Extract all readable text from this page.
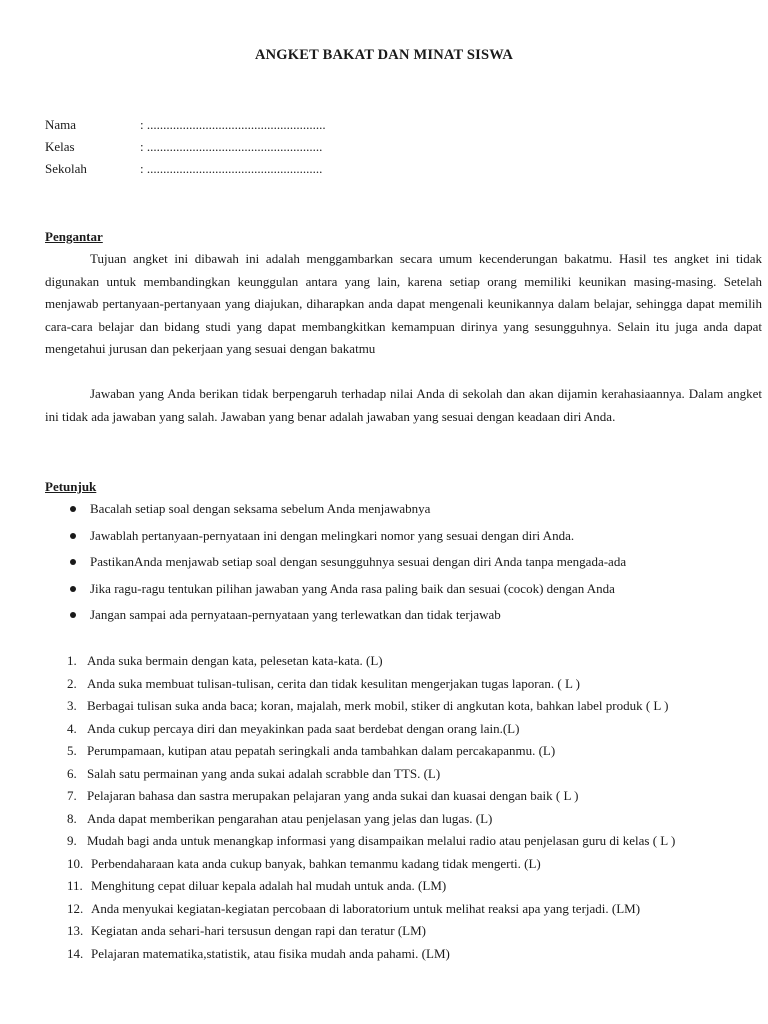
ANGKET BAKAT DAN MINAT SISWA
Nama	: .......................................................
Kelas	: ......................................................
Sekolah	: ......................................................
Pengantar

Tujuan angket ini dibawah ini adalah menggambarkan secara umum kecenderungan bakatmu. Hasil tes angket ini tidak digunakan untuk membandingkan keunggulan antara yang lain, karena setiap orang memiliki keunikan masing-masing. Setelah menjawab pertanyaan-pertanyaan yang diajukan, diharapkan anda dapat mengenali keunikannya dalam belajar, sehingga dapat memilih cara-cara belajar dan bidang studi yang dapat membangkitkan kemampuan dirinya yang sesungguhnya. Selain itu juga anda dapat mengetahui jurusan dan pekerjaan yang sesuai dengan bakatmu

Jawaban yang Anda berikan tidak berpengaruh terhadap nilai Anda di sekolah dan akan dijamin kerahasiaannya. Dalam angket ini tidak ada jawaban yang salah. Jawaban yang benar adalah jawaban yang sesuai dengan keadaan diri Anda.

Petunjuk
Bacalah setiap soal dengan seksama sebelum Anda menjawabnya
Jawablah pertanyaan-pernyataan ini dengan melingkari nomor yang sesuai dengan diri Anda.
PastikanAnda menjawab setiap soal dengan sesungguhnya sesuai dengan diri Anda tanpa mengada-ada
Jika ragu-ragu tentukan pilihan jawaban yang Anda rasa paling baik dan sesuai (cocok) dengan Anda
Jangan sampai ada pernyataan-pernyataan yang terlewatkan dan tidak terjawab
1. Anda suka bermain dengan kata, pelesetan kata-kata. (L)
2. Anda suka membuat tulisan-tulisan, cerita dan tidak kesulitan mengerjakan tugas laporan. ( L )
3. Berbagai tulisan suka anda baca; koran, majalah, merk mobil, stiker di angkutan kota, bahkan label produk ( L )
4. Anda cukup percaya diri dan meyakinkan pada saat berdebat dengan orang lain.(L)
5. Perumpamaan, kutipan atau pepatah seringkali anda tambahkan dalam percakapanmu. (L)
6. Salah satu permainan yang anda sukai adalah scrabble dan TTS. (L)
7. Pelajaran bahasa dan sastra merupakan pelajaran yang anda sukai dan kuasai dengan baik ( L )
8. Anda dapat memberikan pengarahan atau penjelasan yang jelas dan lugas. (L)
9. Mudah bagi anda untuk menangkap informasi yang disampaikan melalui radio atau penjelasan guru di kelas ( L )
10. Perbendaharaan kata anda cukup banyak, bahkan temanmu kadang tidak mengerti. (L)
11. Menghitung cepat diluar kepala adalah hal mudah untuk anda. (LM)
12. Anda menyukai kegiatan-kegiatan percobaan di laboratorium untuk melihat reaksi apa yang terjadi. (LM)
13. Kegiatan anda sehari-hari tersusun dengan rapi dan teratur (LM)
14. Pelajaran matematika,statistik, atau fisika mudah anda pahami. (LM)
